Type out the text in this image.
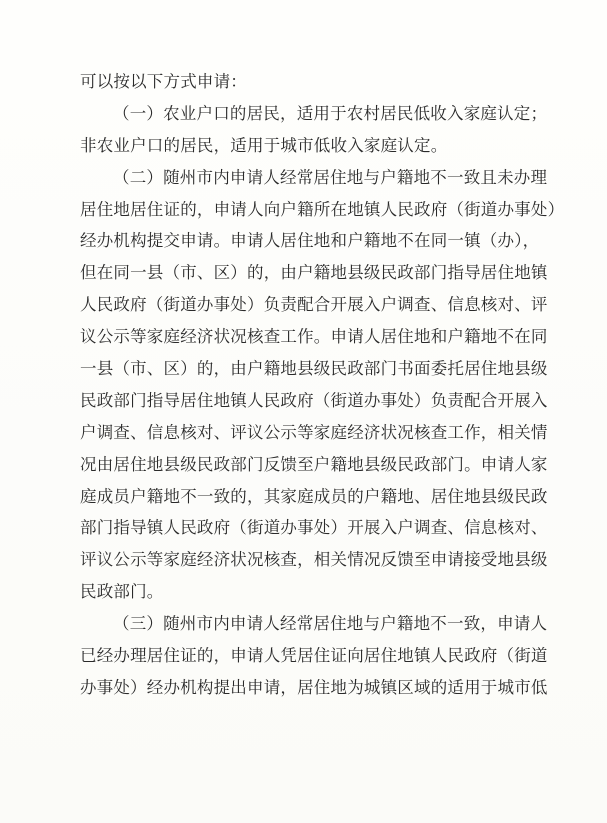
可以按以下方式申请：
（一）农业户口的居民，适用于农村居民低收入家庭认定；
非农业户口的居民，适用于城市低收入家庭认定。
（二）随州市内申请人经常居住地与户籍地不一致且未办理
居住地居住证的，申请人向户籍所在地镇人民政府（街道办事处）
经办机构提交申请。申请人居住地和户籍地不在同一镇（办），
但在同一县（市、区）的，由户籍地县级民政部门指导居住地镇
人民政府（街道办事处）负责配合开展入户调查、信息核对、评
议公示等家庭经济状况核查工作。申请人居住地和户籍地不在同
一县（市、区）的，由户籍地县级民政部门书面委托居住地县级
民政部门指导居住地镇人民政府（街道办事处）负责配合开展入
户调查、信息核对、评议公示等家庭经济状况核查工作，相关情
况由居住地县级民政部门反馈至户籍地县级民政部门。申请人家
庭成员户籍地不一致的，其家庭成员的户籍地、居住地县级民政
部门指导镇人民政府（街道办事处）开展入户调查、信息核对、
评议公示等家庭经济状况核查，相关情况反馈至申请接受地县级
民政部门。
（三）随州市内申请人经常居住地与户籍地不一致，申请人
已经办理居住证的，申请人凭居住证向居住地镇人民政府（街道
办事处）经办机构提出申请，居住地为城镇区域的适用于城市低
